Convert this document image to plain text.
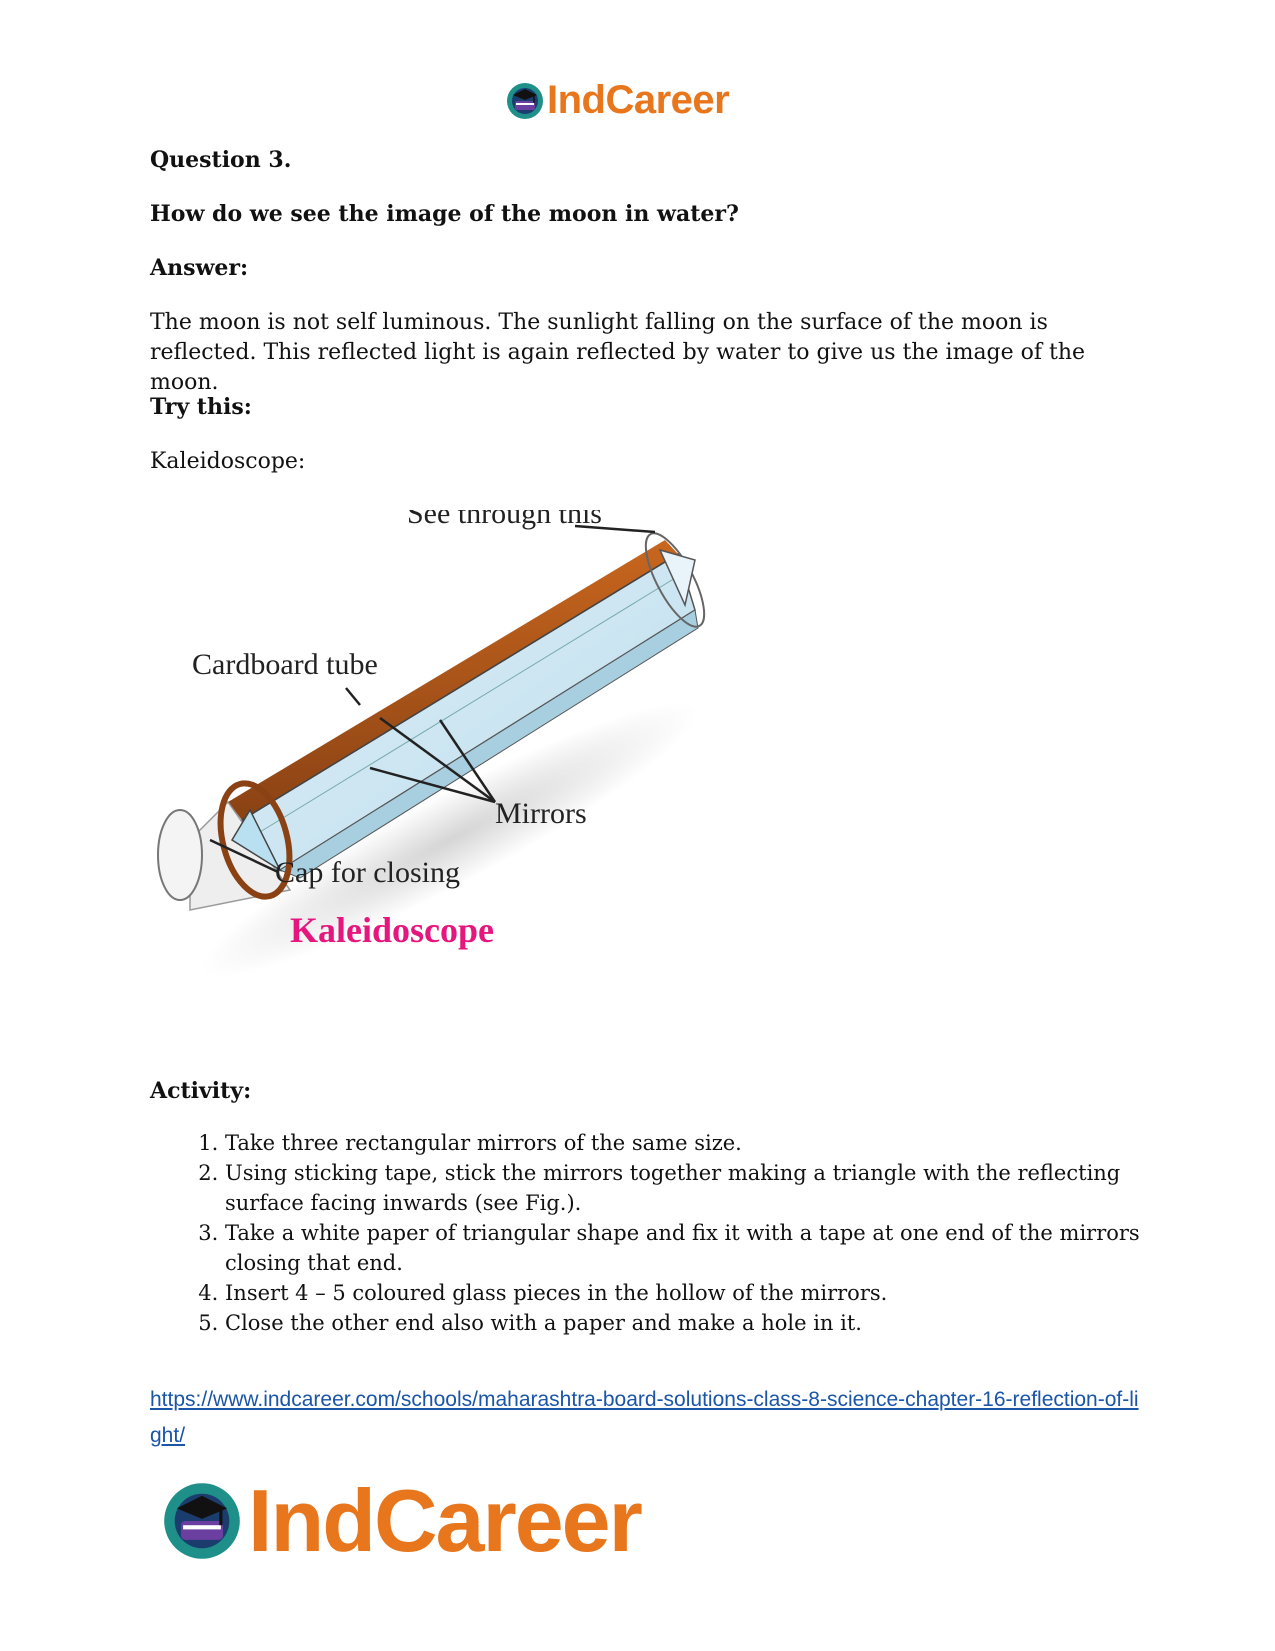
IndCareer
Question 3.
How do we see the image of the moon in water?
Answer:
The moon is not self luminous. The sunlight falling on the surface of the moon is reflected. This reflected light is again reflected by water to give us the image of the moon.
Try this:
Kaleidoscope:
See through this
Cardboard tube
Mirrors
Cap for closing
Kaleidoscope
Activity:
1. Take three rectangular mirrors of the same size.
2. Using sticking tape, stick the mirrors together making a triangle with the reflecting surface facing inwards (see Fig.).
3. Take a white paper of triangular shape and fix it with a tape at one end of the mirrors closing that end.
4. Insert 4 – 5 coloured glass pieces in the hollow of the mirrors.
5. Close the other end also with a paper and make a hole in it.
https://www.indcareer.com/schools/maharashtra-board-solutions-class-8-science-chapter-16-reflection-of-light/
IndCareer
